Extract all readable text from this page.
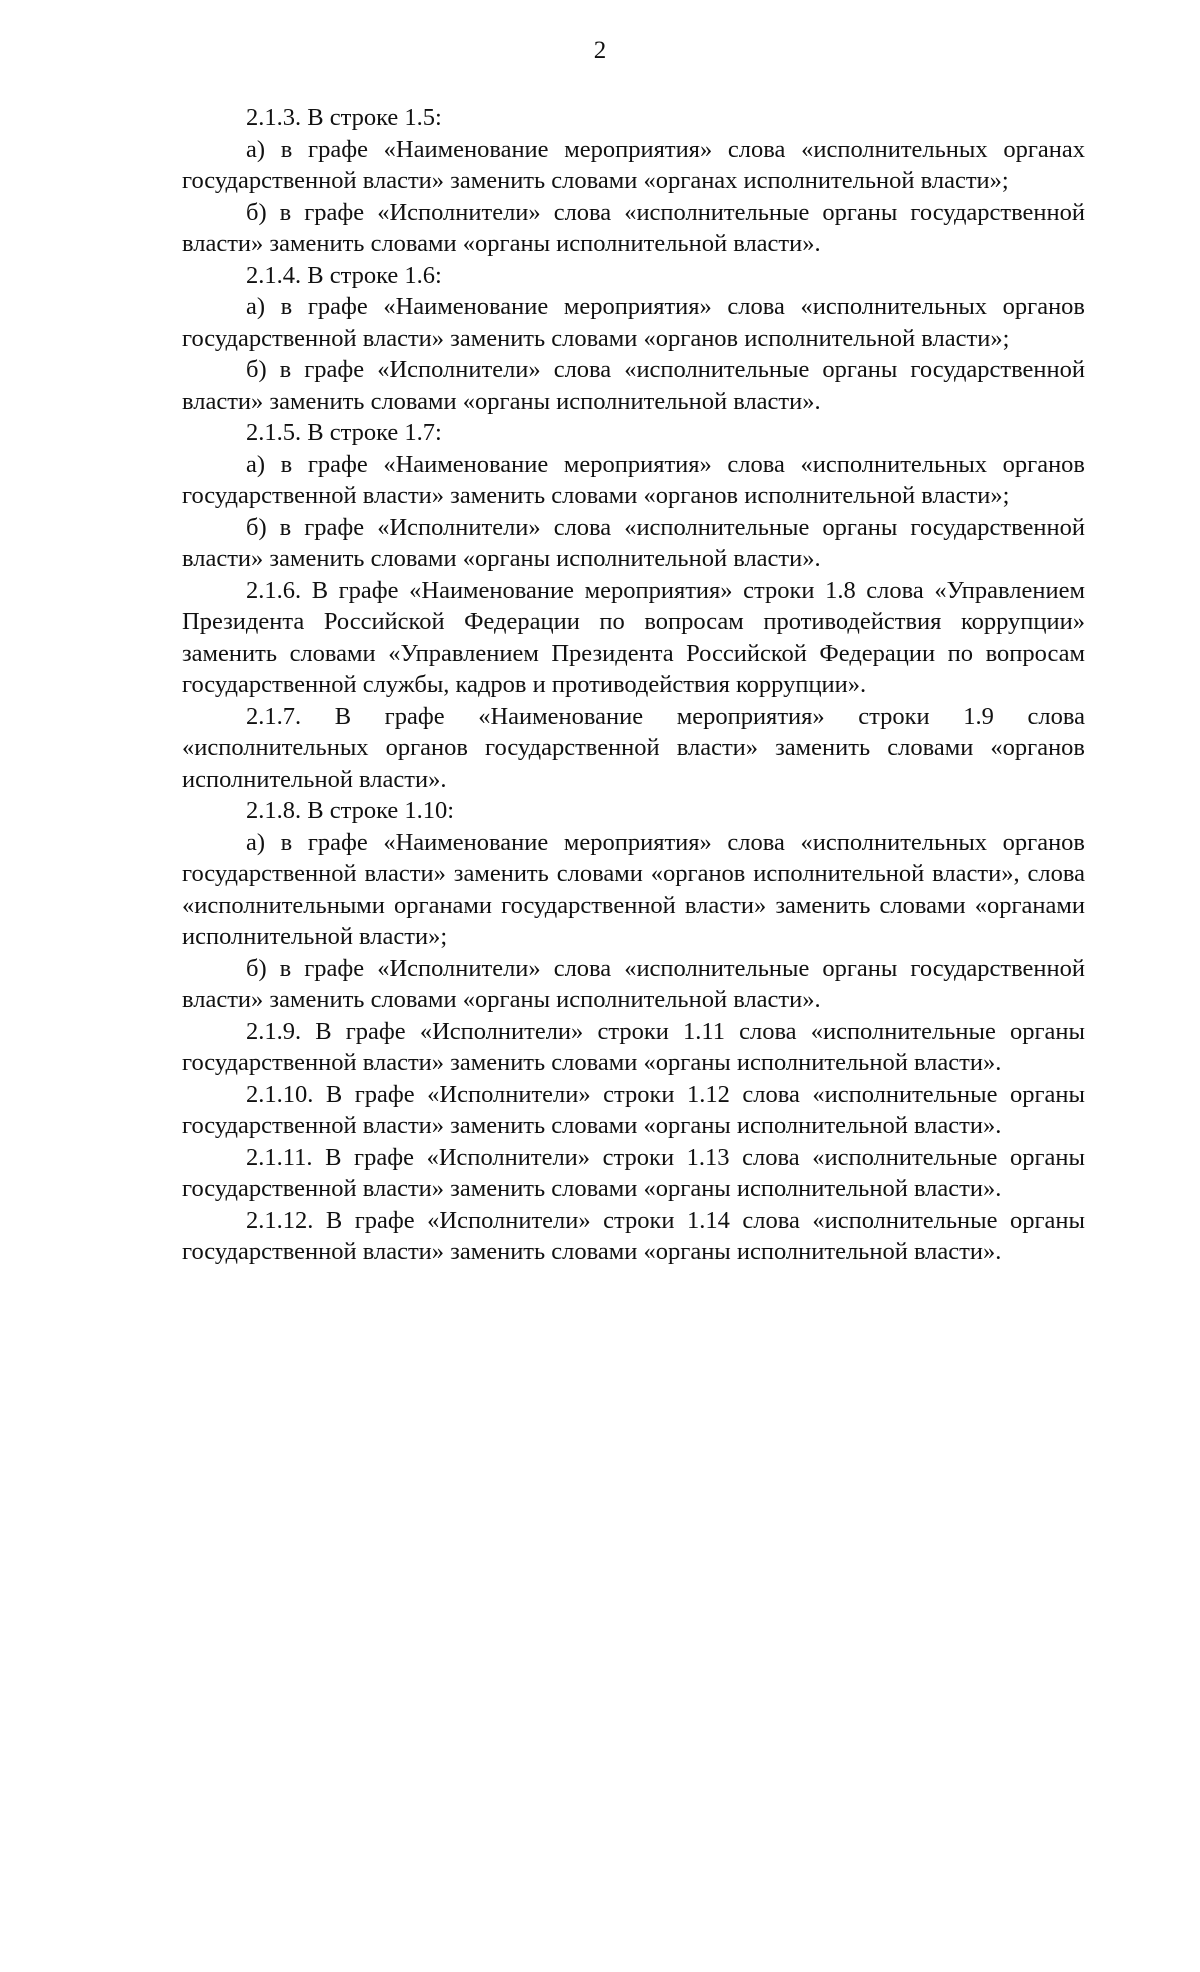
2

2.1.3. В строке 1.5:

а) в графе «Наименование мероприятия» слова «исполнительных органах государственной власти» заменить словами «органах исполнительной власти»;

б) в графе «Исполнители» слова «исполнительные органы государственной власти» заменить словами «органы исполнительной власти».

2.1.4. В строке 1.6:

а) в графе «Наименование мероприятия» слова «исполнительных органов государственной власти» заменить словами «органов исполнительной власти»;

б) в графе «Исполнители» слова «исполнительные органы государственной власти» заменить словами «органы исполнительной власти».

2.1.5. В строке 1.7:

а) в графе «Наименование мероприятия» слова «исполнительных органов государственной власти» заменить словами «органов исполнительной власти»;

б) в графе «Исполнители» слова «исполнительные органы государственной власти» заменить словами «органы исполнительной власти».

2.1.6. В графе «Наименование мероприятия» строки 1.8 слова «Управлением Президента Российской Федерации по вопросам противодействия коррупции» заменить словами «Управлением Президента Российской Федерации по вопросам государственной службы, кадров и противодействия коррупции».

2.1.7. В графе «Наименование мероприятия» строки 1.9 слова «исполнительных органов государственной власти» заменить словами «органов исполнительной власти».

2.1.8. В строке 1.10:

а) в графе «Наименование мероприятия» слова «исполнительных органов государственной власти» заменить словами «органов исполнительной власти», слова «исполнительными органами государственной власти» заменить словами «органами исполнительной власти»;

б) в графе «Исполнители» слова «исполнительные органы государственной власти» заменить словами «органы исполнительной власти».

2.1.9. В графе «Исполнители» строки 1.11 слова «исполнительные органы государственной власти» заменить словами «органы исполнительной власти».

2.1.10. В графе «Исполнители» строки 1.12 слова «исполнительные органы государственной власти» заменить словами «органы исполнительной власти».

2.1.11. В графе «Исполнители» строки 1.13 слова «исполнительные органы государственной власти» заменить словами «органы исполнительной власти».

2.1.12. В графе «Исполнители» строки 1.14 слова «исполнительные органы государственной власти» заменить словами «органы исполнительной власти».
